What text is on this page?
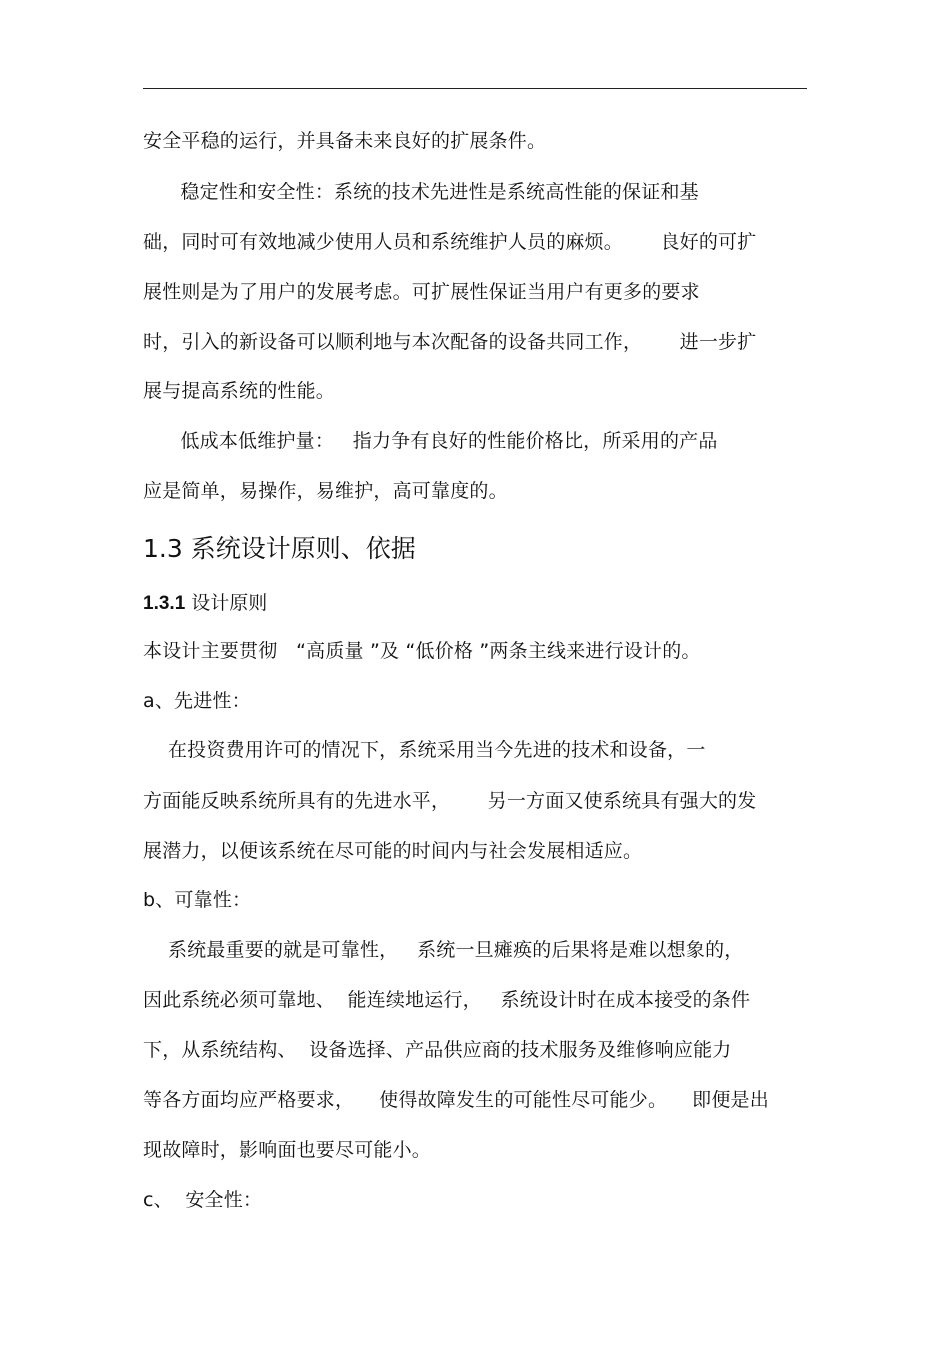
安全平稳的运行，并具备未来良好的扩展条件。
稳定性和安全性：系统的技术先进性是系统高性能的保证和基
础，同时可有效地减少使用人员和系统维护人员的麻烦。      良好的可扩
展性则是为了用户的发展考虑。可扩展性保证当用户有更多的要求
时，引入的新设备可以顺利地与本次配备的设备共同工作，      进一步扩
展与提高系统的性能。
低成本低维护量：   指力争有良好的性能价格比，所采用的产品
应是简单，易操作，易维护，高可靠度的。
1.3 系统设计原则、依据
1.3.1 设计原则
本设计主要贯彻   “高质量 ”及 “低价格 ”两条主线来进行设计的。
a、先进性：
在投资费用许可的情况下，系统采用当今先进的技术和设备，一
方面能反映系统所具有的先进水平，      另一方面又使系统具有强大的发
展潜力，以便该系统在尽可能的时间内与社会发展相适应。
b、可靠性：
系统最重要的就是可靠性，   系统一旦瘫痪的后果将是难以想象的，
因此系统必须可靠地、  能连续地运行，   系统设计时在成本接受的条件
下，从系统结构、  设备选择、产品供应商的技术服务及维修响应能力
等各方面均应严格要求，    使得故障发生的可能性尽可能少。    即便是出
现故障时，影响面也要尽可能小。
c、  安全性：
